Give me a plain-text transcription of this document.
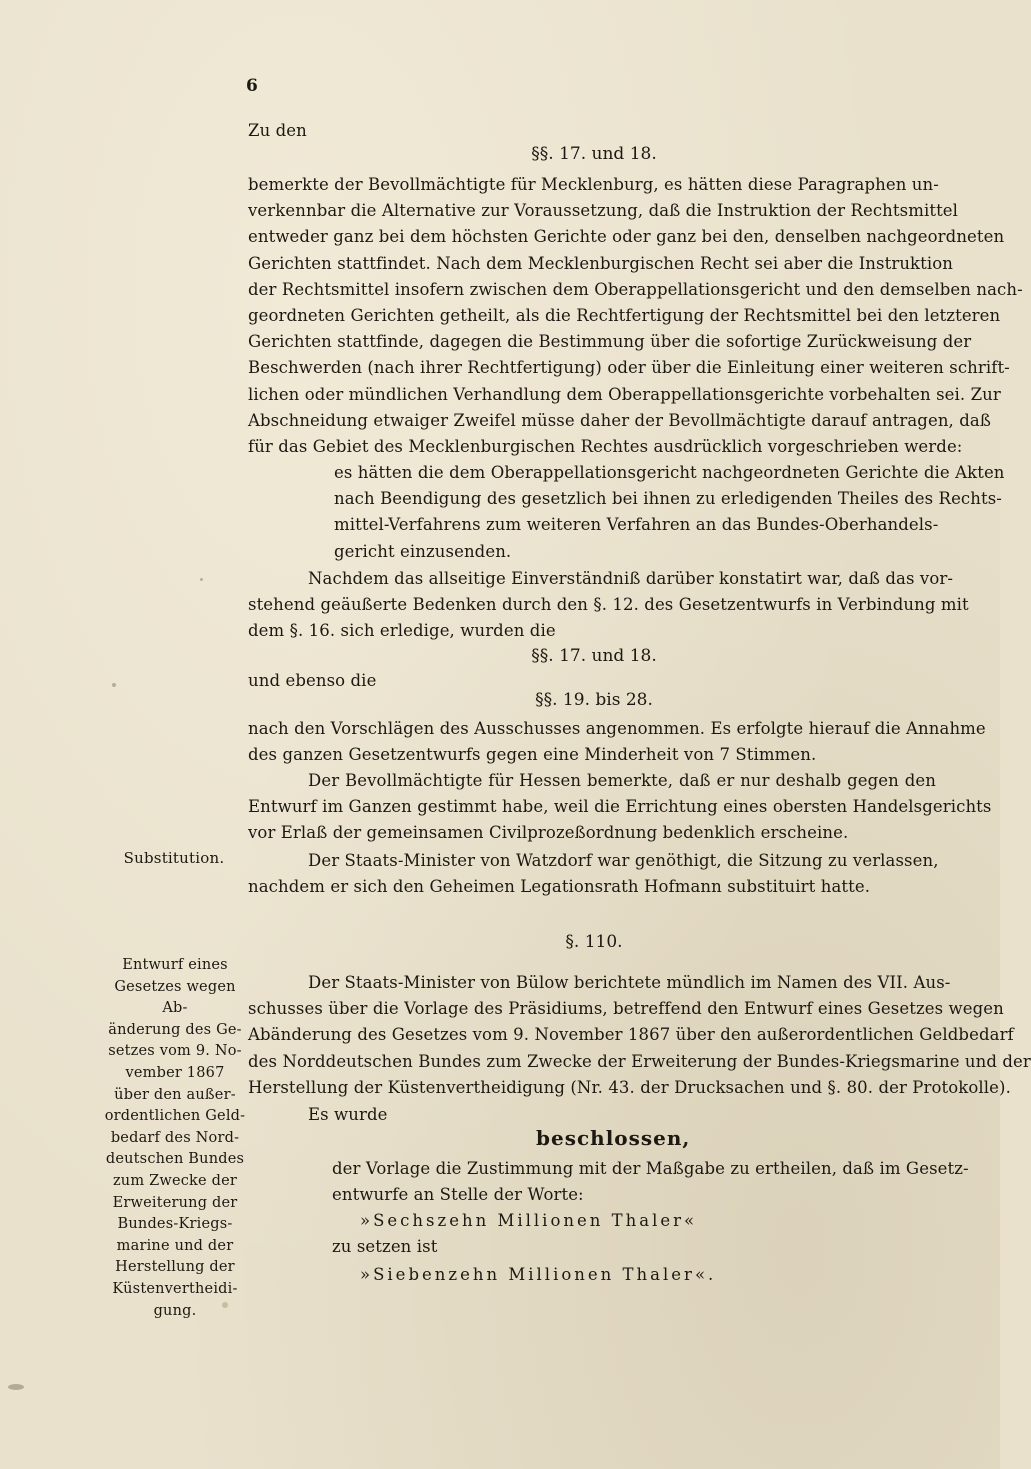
6
Zu den
§§. 17. und 18.
bemerkte der Bevollmächtigte für Mecklenburg, es hätten diese Paragraphen un-
verkennbar die Alternative zur Voraussetzung, daß die Instruktion der Rechtsmittel
entweder ganz bei dem höchsten Gerichte oder ganz bei den, denselben nachgeordneten
Gerichten stattfindet. Nach dem Mecklenburgischen Recht sei aber die Instruktion
der Rechtsmittel insofern zwischen dem Oberappellationsgericht und den demselben nach-
geordneten Gerichten getheilt, als die Rechtfertigung der Rechtsmittel bei den letzteren
Gerichten stattfinde, dagegen die Bestimmung über die sofortige Zurückweisung der
Beschwerden (nach ihrer Rechtfertigung) oder über die Einleitung einer weiteren schrift-
lichen oder mündlichen Verhandlung dem Oberappellationsgerichte vorbehalten sei. Zur
Abschneidung etwaiger Zweifel müsse daher der Bevollmächtigte darauf antragen, daß
für das Gebiet des Mecklenburgischen Rechtes ausdrücklich vorgeschrieben werde:
es hätten die dem Oberappellationsgericht nachgeordneten Gerichte die Akten
nach Beendigung des gesetzlich bei ihnen zu erledigenden Theiles des Rechts-
mittel-Verfahrens zum weiteren Verfahren an das Bundes-Oberhandels-
gericht einzusenden.
Nachdem das allseitige Einverständniß darüber konstatirt war, daß das vor-
stehend geäußerte Bedenken durch den §. 12. des Gesetzentwurfs in Verbindung mit
dem §. 16. sich erledige, wurden die
§§. 17. und 18.
und ebenso die
§§. 19. bis 28.
nach den Vorschlägen des Ausschusses angenommen. Es erfolgte hierauf die Annahme
des ganzen Gesetzentwurfs gegen eine Minderheit von 7 Stimmen.
Der Bevollmächtigte für Hessen bemerkte, daß er nur deshalb gegen den
Entwurf im Ganzen gestimmt habe, weil die Errichtung eines obersten Handelsgerichts
vor Erlaß der gemeinsamen Civilprozeßordnung bedenklich erscheine.
Der Staats-Minister von Watzdorf war genöthigt, die Sitzung zu verlassen,
nachdem er sich den Geheimen Legationsrath Hofmann substituirt hatte.
Substitution.
Entwurf eines
Gesetzes wegen Ab-
änderung des Ge-
setzes vom 9. No-
vember 1867
über den außer-
ordentlichen Geld-
bedarf des Nord-
deutschen Bundes
zum Zwecke der
Erweiterung der
Bundes-Kriegs-
marine und der
Herstellung der
Küstenvertheidi-
gung.
§. 110.
Der Staats-Minister von Bülow berichtete mündlich im Namen des VII. Aus-
schusses über die Vorlage des Präsidiums, betreffend den Entwurf eines Gesetzes wegen
Abänderung des Gesetzes vom 9. November 1867 über den außerordentlichen Geldbedarf
des Norddeutschen Bundes zum Zwecke der Erweiterung der Bundes-Kriegsmarine und der
Herstellung der Küstenvertheidigung (Nr. 43. der Drucksachen und §. 80. der Protokolle).
Es wurde
beschlossen,
der Vorlage die Zustimmung mit der Maßgabe zu ertheilen, daß im Gesetz-
entwurfe an Stelle der Worte:
»Sechszehn Millionen Thaler«
zu setzen ist
»Siebenzehn Millionen Thaler«.
